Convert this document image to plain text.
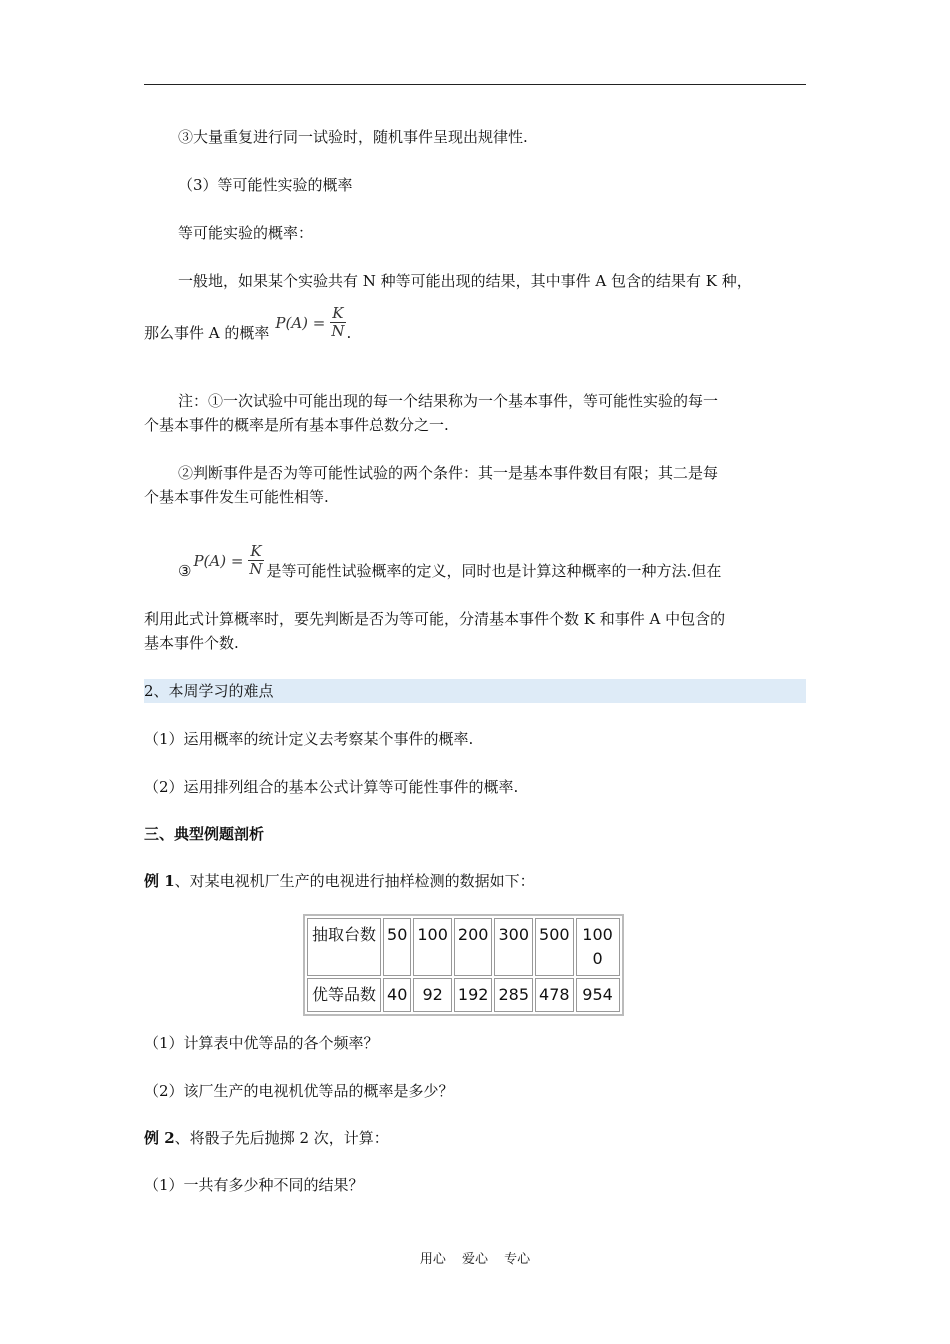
③大量重复进行同一试验时，随机事件呈现出规律性.
（3）等可能性实验的概率
等可能实验的概率：
一般地，如果某个实验共有 N 种等可能出现的结果，其中事件 A 包含的结果有 K 种，
那么事件 A 的概率
$P(A) = \frac{K}{N}$ .
注：①一次试验中可能出现的每一个结果称为一个基本事件，等可能性实验的每一
个基本事件的概率是所有基本事件总数分之一.
②判断事件是否为等可能性试验的两个条件：其一是基本事件数目有限；其二是每
个基本事件发生可能性相等.
③
$P(A) = \frac{K}{N}$ 是等可能性试验概率的定义，同时也是计算这种概率的一种方法.但在
利用此式计算概率时，要先判断是否为等可能，分清基本事件个数 K 和事件 A 中包含的
基本事件个数.
2、本周学习的难点
（1）运用概率的统计定义去考察某个事件的概率.
（2）运用排列组合的基本公式计算等可能性事件的概率.
三、典型例题剖析
例 1、对某电视机厂生产的电视进行抽样检测的数据如下：
抽取台数	50	100	200	300	500	1000
优等品数	40	92	192	285	478	954
（1）计算表中优等品的各个频率？
（2）该厂生产的电视机优等品的概率是多少？
例 2、将骰子先后抛掷 2 次，计算：
（1）一共有多少种不同的结果？
用心 爱心 专心
